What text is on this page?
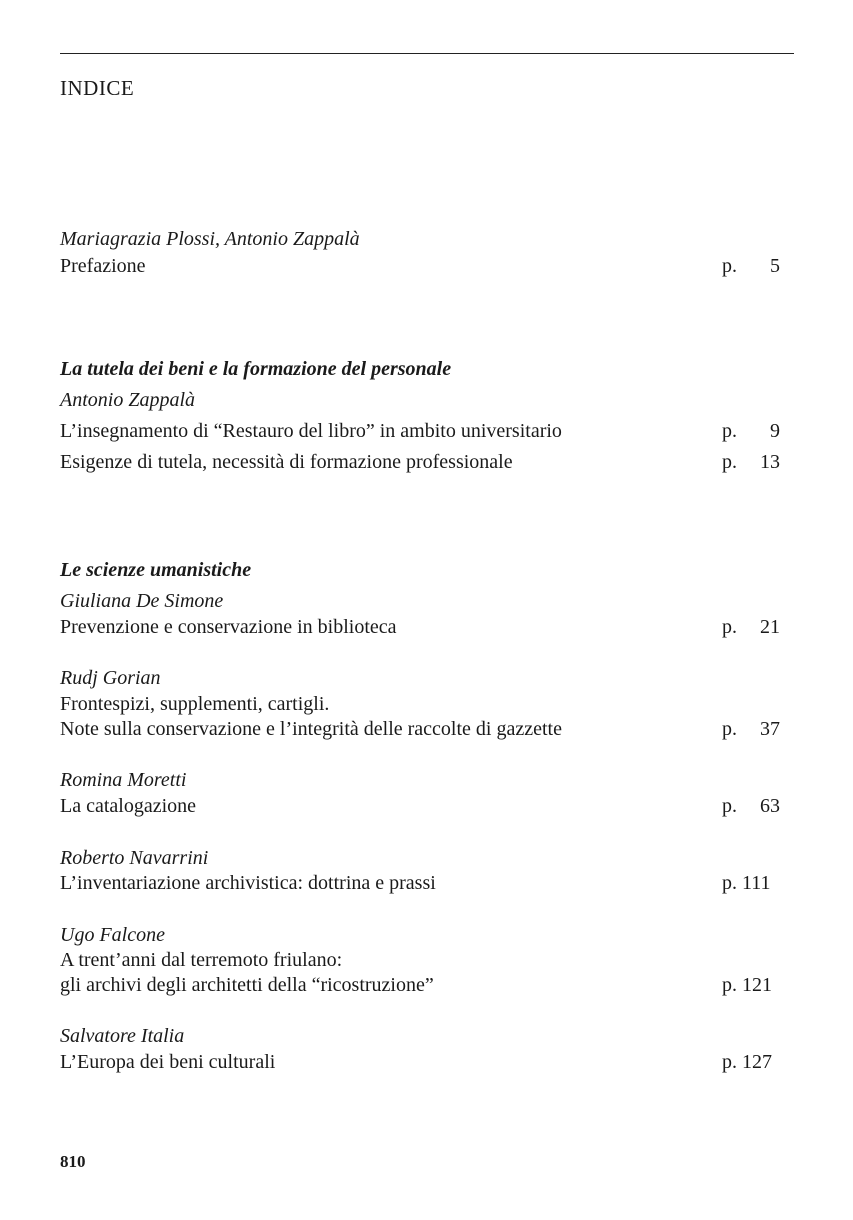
INDICE
Mariagrazia Plossi, Antonio Zappalà
Prefazione	p. 5
La tutela dei beni e la formazione del personale
Antonio Zappalà
L’insegnamento di “Restauro del libro” in ambito universitario	p. 9
Esigenze di tutela, necessità di formazione professionale	p. 13
Le scienze umanistiche
Giuliana De Simone
Prevenzione e conservazione in biblioteca	p. 21
Rudj Gorian
Frontespizi, supplementi, cartigli.
Note sulla conservazione e l’integrità delle raccolte di gazzette	p. 37
Romina Moretti
La catalogazione	p. 63
Roberto Navarrini
L’inventariazione archivistica: dottrina e prassi	p. 111
Ugo Falcone
A trent’anni dal terremoto friulano:
gli archivi degli architetti della “ricostruzione”	p. 121
Salvatore Italia
L’Europa dei beni culturali	p. 127
810
